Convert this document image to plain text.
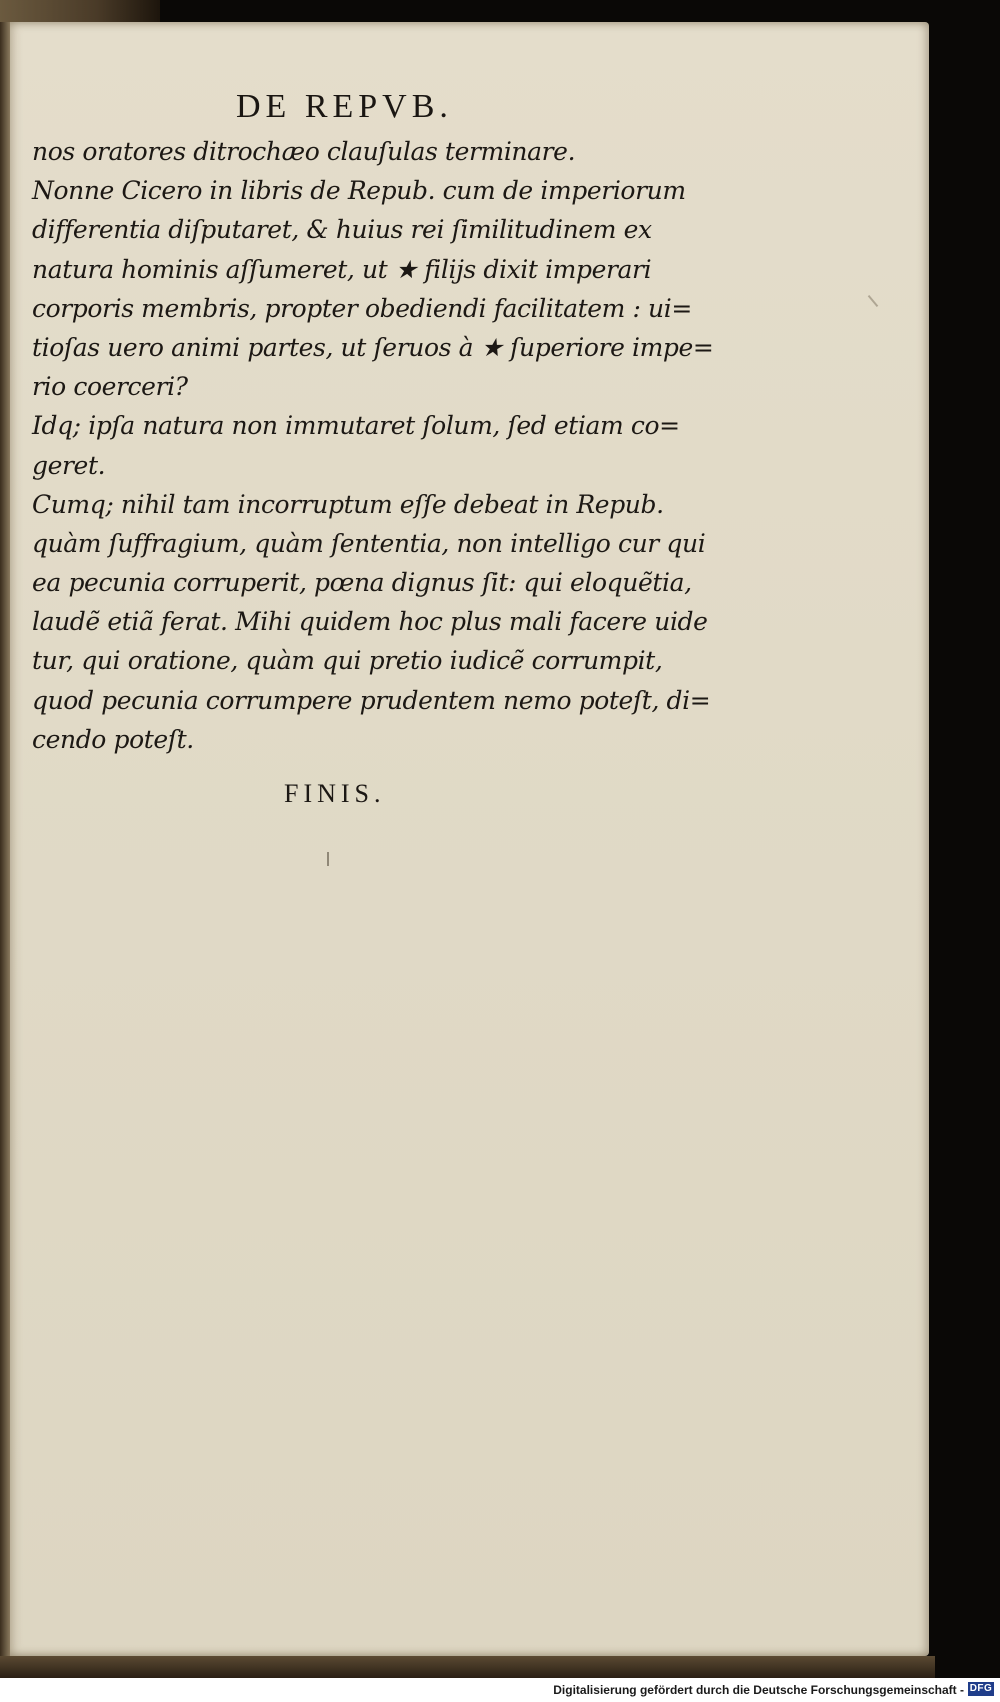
DE REPVB.
nos oratores ditrochæo clauſulas terminare.
Nonne Cicero in libris de Repub. cum de imperiorum
differentia diſputaret, & huius rei ſimilitudinem ex
natura hominis aſſumeret, ut ★ filijs dixit imperari
corporis membris, propter obediendi facilitatem : ui=
tioſas uero animi partes, ut ſeruos à ★ ſuperiore impe=
rio coerceri?
Idq; ipſa natura non immutaret ſolum, ſed etiam co=
geret.
Cumq; nihil tam incorruptum eſſe debeat in Repub.
quàm ſuffragium, quàm ſententia, non intelligo cur qui
ea pecunia corruperit, pœna dignus ſit: qui eloquẽtia,
laudẽ etiã ferat. Mihi quidem hoc plus mali facere uide
tur, qui oratione, quàm qui pretio iudicẽ corrumpit,
quod pecunia corrumpere prudentem nemo poteſt, di=
cendo poteſt.
FINIS.
Digitalisierung gefördert durch die Deutsche Forschungsgemeinschaft - DFG
